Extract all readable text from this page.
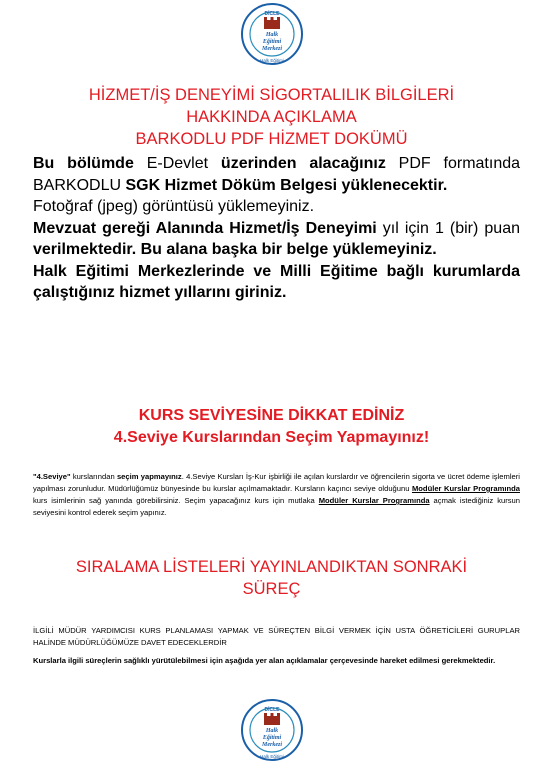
DİCLE
Halk
Eğitimi
Merkezi
Halk Eğitimi
HİZMET/İŞ DENEYİMİ SİGORTALILIK BİLGİLERİ
HAKKINDA AÇIKLAMA
BARKODLU PDF HİZMET DOKÜMÜ

Bu bölümde E-Devlet üzerinden alacağınız PDF formatında BARKODLU SGK Hizmet Döküm Belgesi yüklenecektir.

Fotoğraf (jpeg) görüntüsü yüklemeyiniz.

Mevzuat gereği Alanında Hizmet/İş Deneyimi yıl için 1 (bir) puan verilmektedir. Bu alana başka bir belge yüklemeyiniz.

Halk Eğitimi Merkezlerinde ve Milli Eğitime bağlı kurumlarda çalıştığınız hizmet yıllarını giriniz.

KURS SEVİYESİNE DİKKAT EDİNİZ
4.Seviye Kurslarından Seçim Yapmayınız!
"4.Seviye" kurslarından seçim yapmayınız. 4.Seviye Kursları İş-Kur işbirliği ile açılan kurslardır ve öğrencilerin sigorta ve ücret ödeme işlemleri yapılması zorunludur. Müdürlüğümüz bünyesinde bu kurslar açılmamaktadır. Kursların kaçıncı seviye olduğunu Modüler Kurslar Programında kurs isimlerinin sağ yanında görebilirsiniz. Seçim yapacağınız kurs için mutlaka Modüler Kurslar Programında açmak istediğiniz kursun seviyesini kontrol ederek seçim yapınız.
SIRALAMA LİSTELERİ YAYINLANDIKTAN SONRAKİ
SÜREÇ
İLGİLİ MÜDÜR YARDIMCISI KURS PLANLAMASI YAPMAK VE SÜREÇTEN BİLGİ VERMEK İÇİN USTA ÖĞRETİCİLERİ GURUPLAR HALİNDE MÜDÜRLÜĞÜMÜZE DAVET EDECEKLERDİR
Kurslarla ilgili süreçlerin sağlıklı yürütülebilmesi için aşağıda yer alan açıklamalar çerçevesinde hareket edilmesi gerekmektedir.
DİCLE
Halk
Eğitimi
Merkezi
Halk Eğitimi
